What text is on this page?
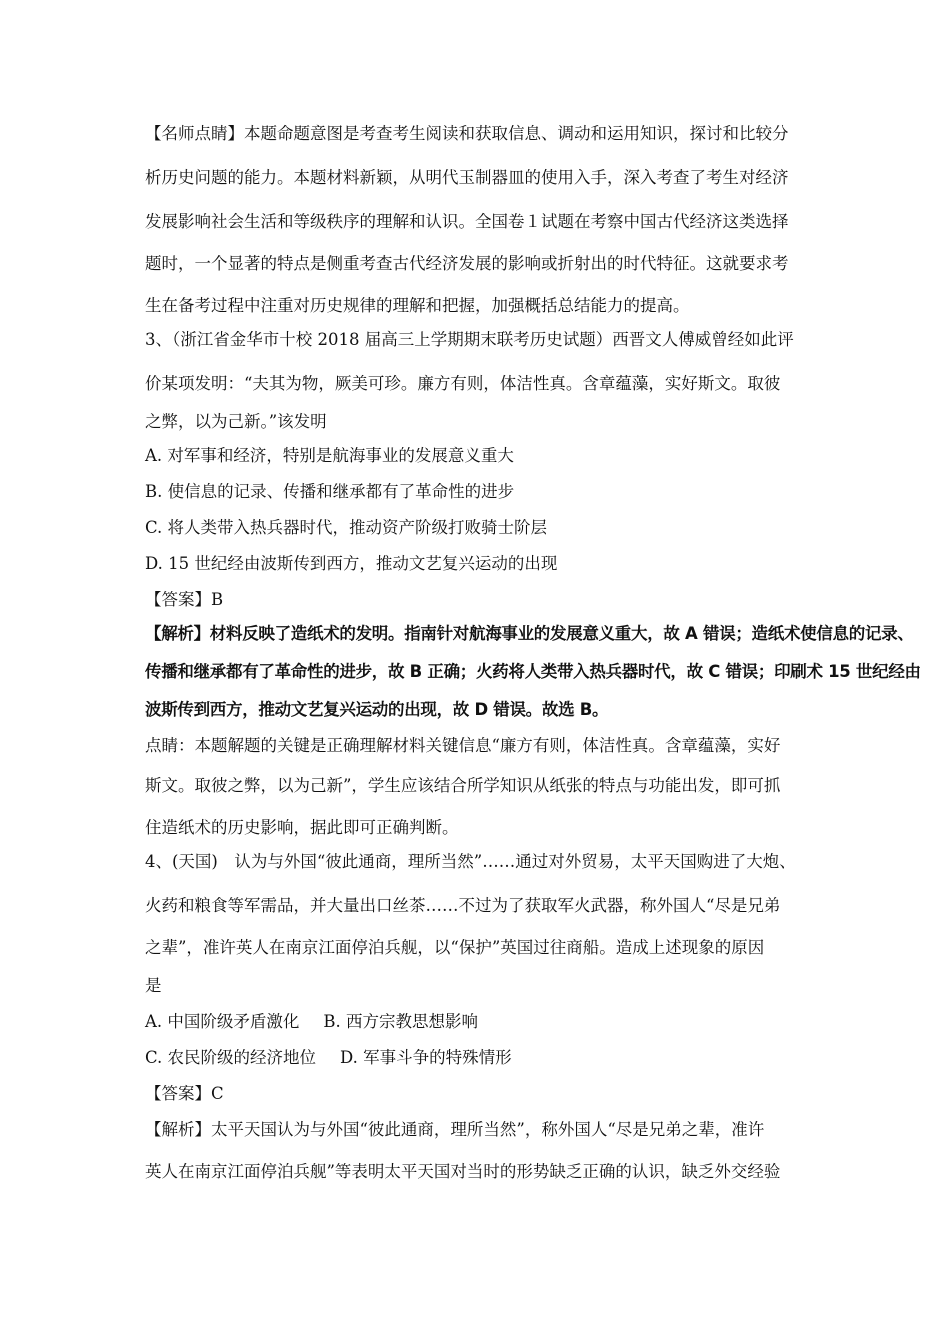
【名师点睛】本题命题意图是考查考生阅读和获取信息、调动和运用知识，探讨和比较分
析历史问题的能力。本题材料新颖，从明代玉制器皿的使用入手，深入考查了考生对经济
发展影响社会生活和等级秩序的理解和认识。全国卷１试题在考察中国古代经济这类选择
题时，一个显著的特点是侧重考查古代经济发展的影响或折射出的时代特征。这就要求考
生在备考过程中注重对历史规律的理解和把握，加强概括总结能力的提高。
3、（浙江省金华市十校 2018 届高三上学期期末联考历史试题）西晋文人傅威曾经如此评
价某项发明：“夫其为物，厥美可珍。廉方有则，体洁性真。含章蕴藻，实好斯文。取彼
之弊，以为己新。”该发明
A. 对军事和经济，特别是航海事业的发展意义重大
B. 使信息的记录、传播和继承都有了革命性的进步
C. 将人类带入热兵器时代，推动资产阶级打败骑士阶层
D. 15 世纪经由波斯传到西方，推动文艺复兴运动的出现
【答案】B
【解析】材料反映了造纸术的发明。指南针对航海事业的发展意义重大，故 A 错误；造纸术使信息的记录、
传播和继承都有了革命性的进步，故 B 正确；火药将人类带入热兵器时代，故 C 错误；印刷术 15 世纪经由
波斯传到西方，推动文艺复兴运动的出现，故 D 错误。故选 B。
点睛：本题解题的关键是正确理解材料关键信息“廉方有则，体洁性真。含章蕴藻，实好
斯文。取彼之弊，以为己新”，学生应该结合所学知识从纸张的特点与功能出发，即可抓
住造纸术的历史影响，据此即可正确判断。
4、(天国)　认为与外国“彼此通商，理所当然”……通过对外贸易，太平天国购进了大炮、
火药和粮食等军需品，并大量出口丝茶……不过为了获取军火武器，称外国人“尽是兄弟
之辈”，准许英人在南京江面停泊兵舰，以“保护”英国过往商船。造成上述现象的原因
是
A. 中国阶级矛盾激化 B. 西方宗教思想影响
C. 农民阶级的经济地位 D. 军事斗争的特殊情形
【答案】C
【解析】太平天国认为与外国“彼此通商，理所当然”，称外国人“尽是兄弟之辈，准许
英人在南京江面停泊兵舰”等表明太平天国对当时的形势缺乏正确的认识，缺乏外交经验
